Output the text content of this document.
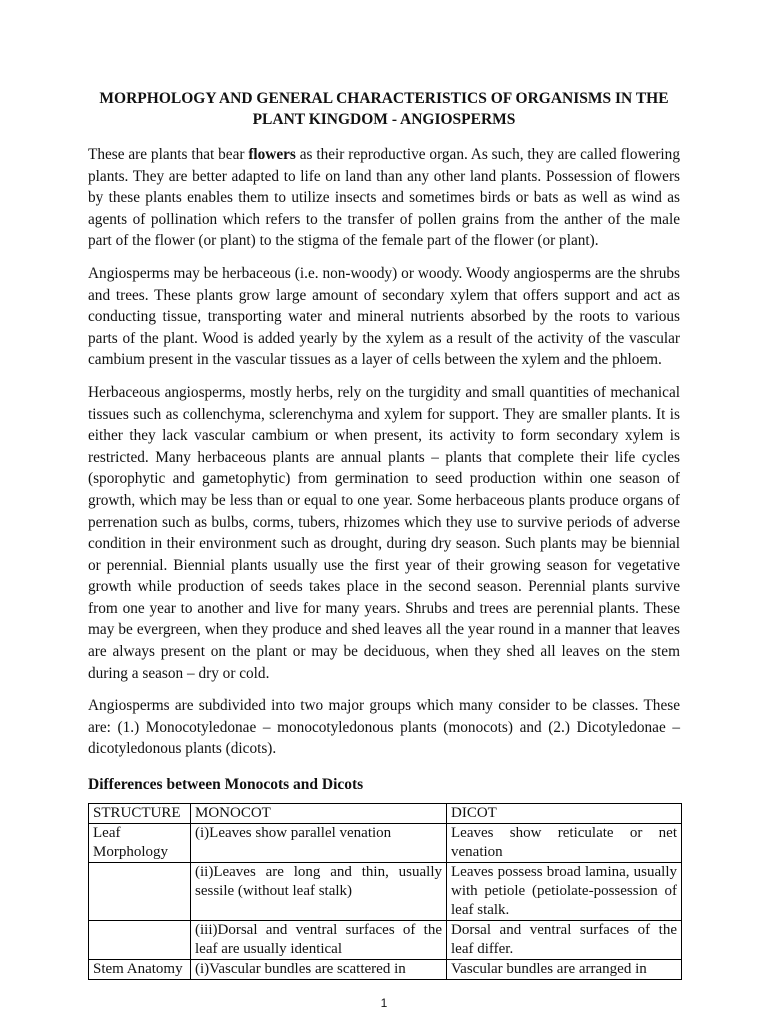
MORPHOLOGY AND GENERAL CHARACTERISTICS OF ORGANISMS IN THE
PLANT KINGDOM - ANGIOSPERMS

These are plants that bear flowers as their reproductive organ. As such, they are called flowering plants. They are better adapted to life on land than any other land plants. Possession of flowers by these plants enables them to utilize insects and sometimes birds or bats as well as wind as agents of pollination which refers to the transfer of pollen grains from the anther of the male part of the flower (or plant) to the stigma of the female part of the flower (or plant).

Angiosperms may be herbaceous (i.e. non-woody) or woody. Woody angiosperms are the shrubs and trees. These plants grow large amount of secondary xylem that offers support and act as conducting tissue, transporting water and mineral nutrients absorbed by the roots to various parts of the plant. Wood is added yearly by the xylem as a result of the activity of the vascular cambium present in the vascular tissues as a layer of cells between the xylem and the phloem.

Herbaceous angiosperms, mostly herbs, rely on the turgidity and small quantities of mechanical tissues such as collenchyma, sclerenchyma and xylem for support. They are smaller plants. It is either they lack vascular cambium or when present, its activity to form secondary xylem is restricted. Many herbaceous plants are annual plants – plants that complete their life cycles (sporophytic and gametophytic) from germination to seed production within one season of growth, which may be less than or equal to one year. Some herbaceous plants produce organs of perrenation such as bulbs, corms, tubers, rhizomes which they use to survive periods of adverse condition in their environment such as drought, during dry season. Such plants may be biennial or perennial. Biennial plants usually use the first year of their growing season for vegetative growth while production of seeds takes place in the second season. Perennial plants survive from one year to another and live for many years. Shrubs and trees are perennial plants. These may be evergreen, when they produce and shed leaves all the year round in a manner that leaves are always present on the plant or may be deciduous, when they shed all leaves on the stem during a season – dry or cold.

Angiosperms are subdivided into two major groups which many consider to be classes. These are: (1.) Monocotyledonae – monocotyledonous plants (monocots) and (2.) Dicotyledonae – dicotyledonous plants (dicots).

Differences between Monocots and Dicots
STRUCTURE	MONOCOT	DICOT
Leaf Morphology	(i)Leaves show parallel venation	Leaves show reticulate or net venation
	(ii)Leaves are long and thin, usually sessile (without leaf stalk)	Leaves possess broad lamina, usually with petiole (petiolate-possession of leaf stalk.
	(iii)Dorsal and ventral surfaces of the leaf are usually identical	Dorsal and ventral surfaces of the leaf differ.
Stem Anatomy	(i)Vascular bundles are scattered in	Vascular bundles are arranged in
1
